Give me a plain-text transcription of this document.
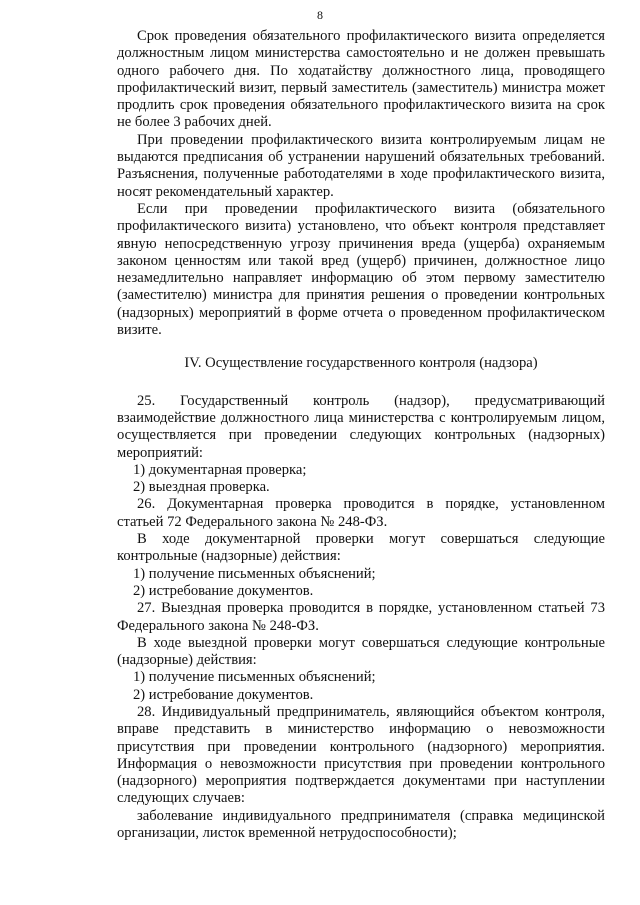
8

Срок проведения обязательного профилактического визита определяется должностным лицом министерства самостоятельно и не должен превышать одного рабочего дня. По ходатайству должностного лица, проводящего профилактический визит, первый заместитель (заместитель) министра может продлить срок проведения обязательного профилактического визита на срок не более 3 рабочих дней.

При проведении профилактического визита контролируемым лицам не выдаются предписания об устранении нарушений обязательных требований. Разъяснения, полученные работодателями в ходе профилактического визита, носят рекомендательный характер.

Если при проведении профилактического визита (обязательного профилактического визита) установлено, что объект контроля представляет явную непосредственную угрозу причинения вреда (ущерба) охраняемым законом ценностям или такой вред (ущерб) причинен, должностное лицо незамедлительно направляет информацию об этом первому заместителю (заместителю) министра для принятия решения о проведении контрольных (надзорных) мероприятий в форме отчета о проведенном профилактическом визите.

IV. Осуществление государственного контроля (надзора)

25. Государственный контроль (надзор), предусматривающий взаимодействие должностного лица министерства с контролируемым лицом, осуществляется при проведении следующих контрольных (надзорных) мероприятий:

1) документарная проверка;

2) выездная проверка.

26. Документарная проверка проводится в порядке, установленном статьей 72 Федерального закона № 248-ФЗ.

В ходе документарной проверки могут совершаться следующие контрольные (надзорные) действия:

1) получение письменных объяснений;

2) истребование документов.

27. Выездная проверка проводится в порядке, установленном статьей 73 Федерального закона № 248-ФЗ.

В ходе выездной проверки могут совершаться следующие контрольные (надзорные) действия:

1) получение письменных объяснений;

2) истребование документов.

28. Индивидуальный предприниматель, являющийся объектом контроля, вправе представить в министерство информацию о невозможности присутствия при проведении контрольного (надзорного) мероприятия. Информация о невозможности присутствия при проведении контрольного (надзорного) мероприятия подтверждается документами при наступлении следующих случаев:

заболевание индивидуального предпринимателя (справка медицинской организации, листок временной нетрудоспособности);
